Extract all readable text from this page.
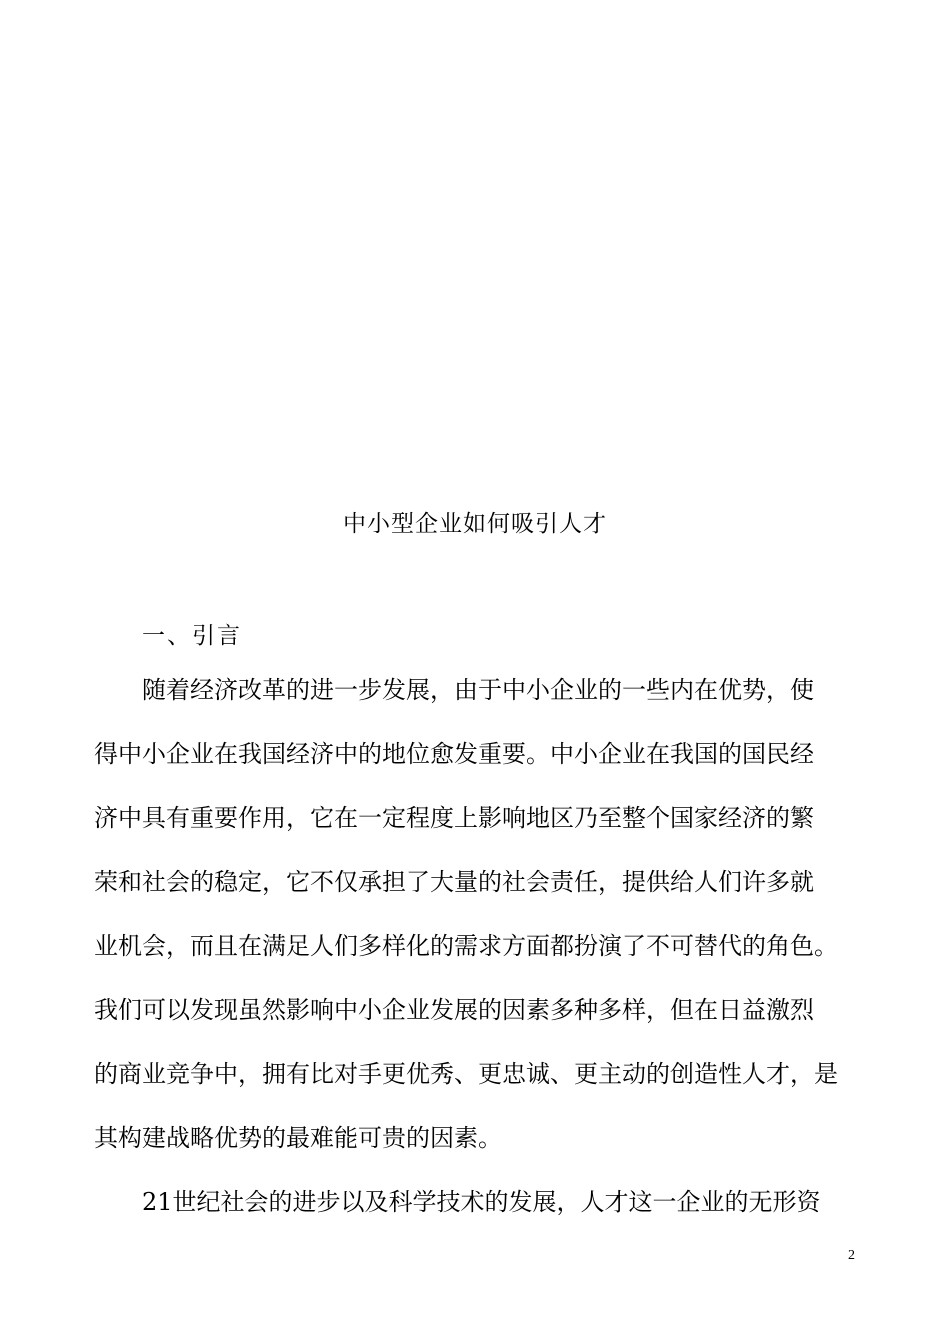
中小型企业如何吸引人才
一、引言
随着经济改革的进一步发展，由于中小企业的一些内在优势，使
得中小企业在我国经济中的地位愈发重要。中小企业在我国的国民经
济中具有重要作用，它在一定程度上影响地区乃至整个国家经济的繁
荣和社会的稳定，它不仅承担了大量的社会责任，提供给人们许多就
业机会，而且在满足人们多样化的需求方面都扮演了不可替代的角色。
我们可以发现虽然影响中小企业发展的因素多种多样，但在日益激烈
的商业竞争中，拥有比对手更优秀、更忠诚、更主动的创造性人才，是
其构建战略优势的最难能可贵的因素。
21世纪社会的进步以及科学技术的发展，人才这一企业的无形资
2
